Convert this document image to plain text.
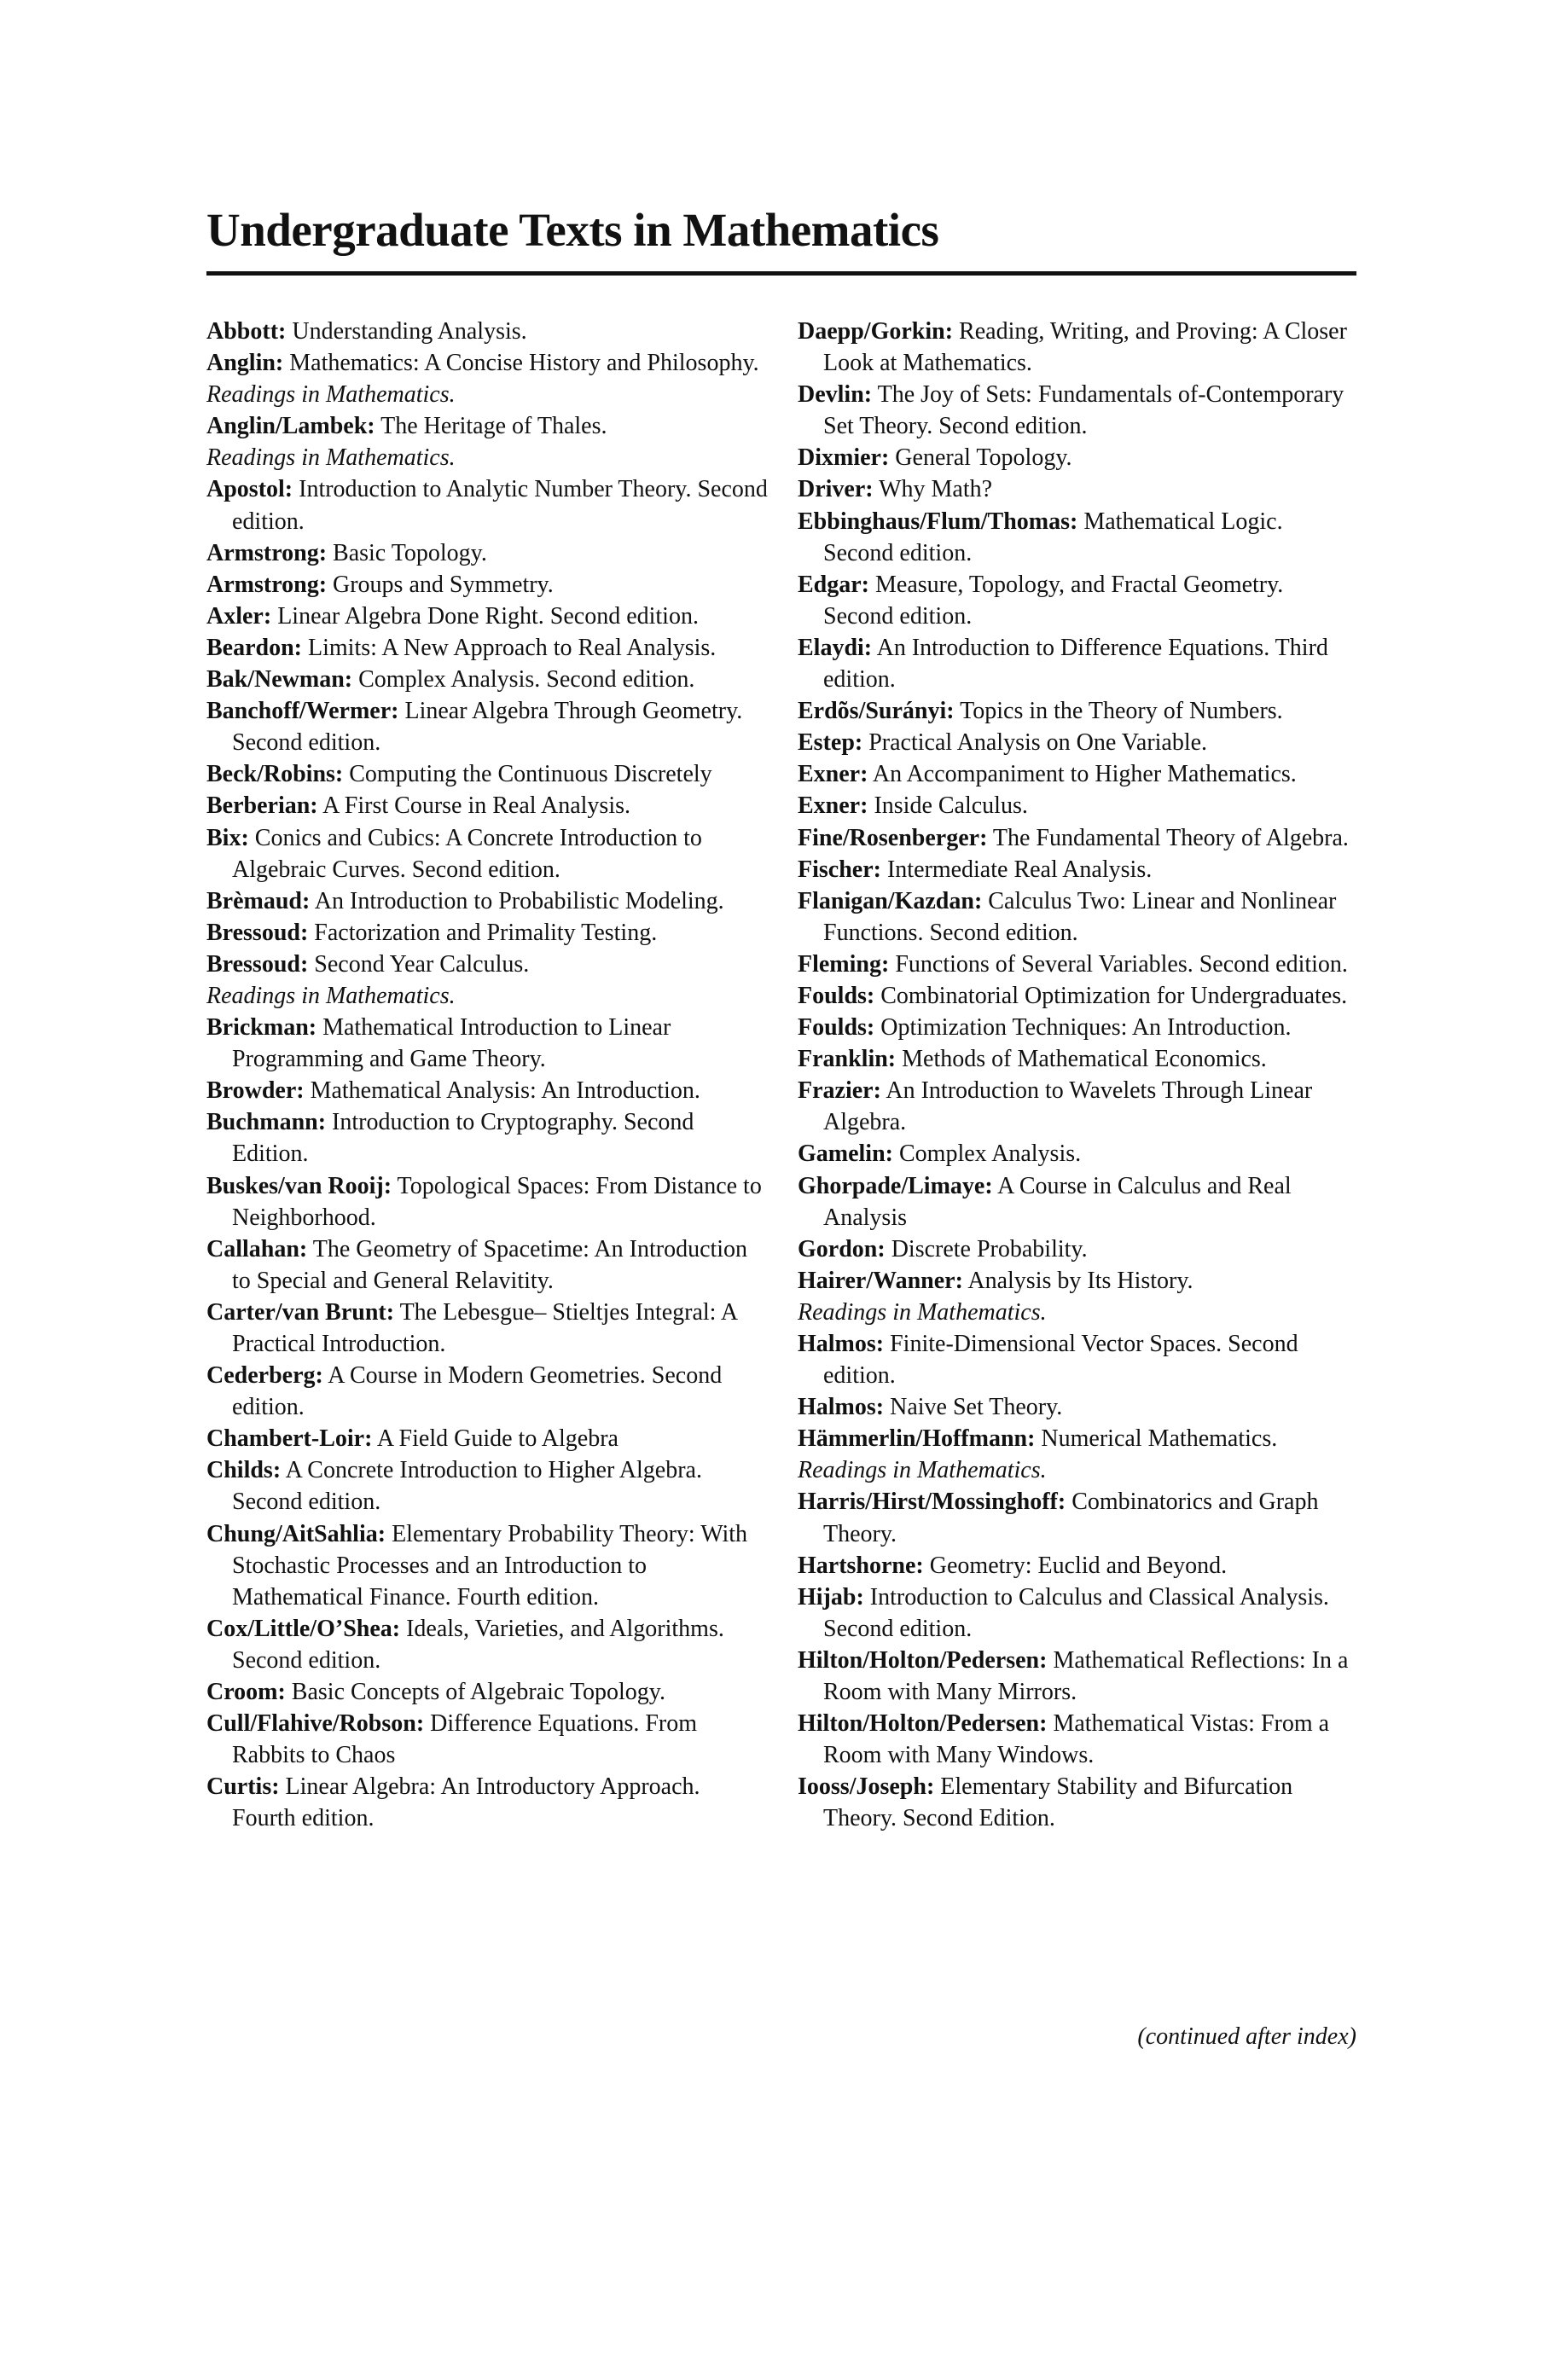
Undergraduate Texts in Mathematics
Abbott: Understanding Analysis.
Anglin: Mathematics: A Concise History and Philosophy.
Readings in Mathematics.
Anglin/Lambek: The Heritage of Thales.
Readings in Mathematics.
Apostol: Introduction to Analytic Number Theory. Second edition.
Armstrong: Basic Topology.
Armstrong: Groups and Symmetry.
Axler: Linear Algebra Done Right. Second edition.
Beardon: Limits: A New Approach to Real Analysis.
Bak/Newman: Complex Analysis. Second edition.
Banchoff/Wermer: Linear Algebra Through Geometry. Second edition.
Beck/Robins: Computing the Continuous Discretely
Berberian: A First Course in Real Analysis.
Bix: Conics and Cubics: A Concrete Introduction to Algebraic Curves. Second edition.
Brèmaud: An Introduction to Probabilistic Modeling.
Bressoud: Factorization and Primality Testing.
Bressoud: Second Year Calculus.
Readings in Mathematics.
Brickman: Mathematical Introduction to Linear Programming and Game Theory.
Browder: Mathematical Analysis: An Introduction.
Buchmann: Introduction to Cryptography. Second Edition.
Buskes/van Rooij: Topological Spaces: From Distance to Neighborhood.
Callahan: The Geometry of Spacetime: An Introduction to Special and General Relavitity.
Carter/van Brunt: The Lebesgue– Stieltjes Integral: A Practical Introduction.
Cederberg: A Course in Modern Geometries. Second edition.
Chambert-Loir: A Field Guide to Algebra
Childs: A Concrete Introduction to Higher Algebra. Second edition.
Chung/AitSahlia: Elementary Probability Theory: With Stochastic Processes and an Introduction to Mathematical Finance. Fourth edition.
Cox/Little/O’Shea: Ideals, Varieties, and Algorithms. Second edition.
Croom: Basic Concepts of Algebraic Topology.
Cull/Flahive/Robson: Difference Equations. From Rabbits to Chaos
Curtis: Linear Algebra: An Introductory Approach. Fourth edition.
Daepp/Gorkin: Reading, Writing, and Proving: A Closer Look at Mathematics.
Devlin: The Joy of Sets: Fundamentals of-Contemporary Set Theory. Second edition.
Dixmier: General Topology.
Driver: Why Math?
Ebbinghaus/Flum/Thomas: Mathematical Logic. Second edition.
Edgar: Measure, Topology, and Fractal Geometry. Second edition.
Elaydi: An Introduction to Difference Equations. Third edition.
Erdõs/Surányi: Topics in the Theory of Numbers.
Estep: Practical Analysis on One Variable.
Exner: An Accompaniment to Higher Mathematics.
Exner: Inside Calculus.
Fine/Rosenberger: The Fundamental Theory of Algebra.
Fischer: Intermediate Real Analysis.
Flanigan/Kazdan: Calculus Two: Linear and Nonlinear Functions. Second edition.
Fleming: Functions of Several Variables. Second edition.
Foulds: Combinatorial Optimization for Undergraduates.
Foulds: Optimization Techniques: An Introduction.
Franklin: Methods of Mathematical Economics.
Frazier: An Introduction to Wavelets Through Linear Algebra.
Gamelin: Complex Analysis.
Ghorpade/Limaye: A Course in Calculus and Real Analysis
Gordon: Discrete Probability.
Hairer/Wanner: Analysis by Its History.
Readings in Mathematics.
Halmos: Finite-Dimensional Vector Spaces. Second edition.
Halmos: Naive Set Theory.
Hämmerlin/Hoffmann: Numerical Mathematics.
Readings in Mathematics.
Harris/Hirst/Mossinghoff: Combinatorics and Graph Theory.
Hartshorne: Geometry: Euclid and Beyond.
Hijab: Introduction to Calculus and Classical Analysis. Second edition.
Hilton/Holton/Pedersen: Mathematical Reflections: In a Room with Many Mirrors.
Hilton/Holton/Pedersen: Mathematical Vistas: From a Room with Many Windows.
Iooss/Joseph: Elementary Stability and Bifurcation Theory. Second Edition.
(continued after index)
